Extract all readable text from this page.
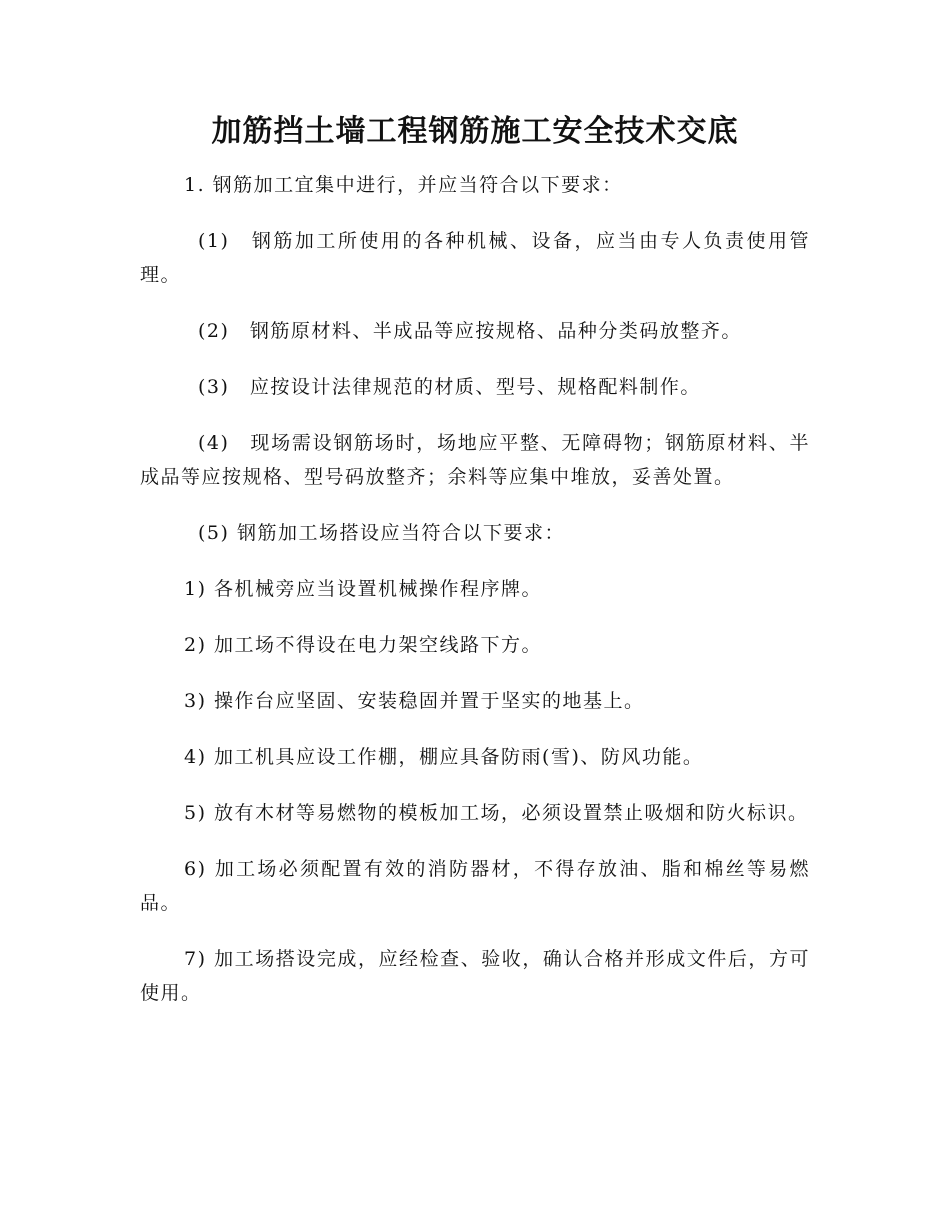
加筋挡土墙工程钢筋施工安全技术交底

1. 钢筋加工宜集中进行，并应当符合以下要求：

(1)　钢筋加工所使用的各种机械、设备，应当由专人负责使用管理。

(2)　钢筋原材料、半成品等应按规格、品种分类码放整齐。

(3)　应按设计法律规范的材质、型号、规格配料制作。

(4)　现场需设钢筋场时，场地应平整、无障碍物；钢筋原材料、半成品等应按规格、型号码放整齐；余料等应集中堆放，妥善处置。

(5) 钢筋加工场搭设应当符合以下要求：

1) 各机械旁应当设置机械操作程序牌。

2) 加工场不得设在电力架空线路下方。

3) 操作台应坚固、安装稳固并置于坚实的地基上。

4) 加工机具应设工作棚，棚应具备防雨(雪)、防风功能。

5) 放有木材等易燃物的模板加工场，必须设置禁止吸烟和防火标识。

6) 加工场必须配置有效的消防器材，不得存放油、脂和棉丝等易燃品。

7) 加工场搭设完成，应经检查、验收，确认合格并形成文件后，方可使用。
